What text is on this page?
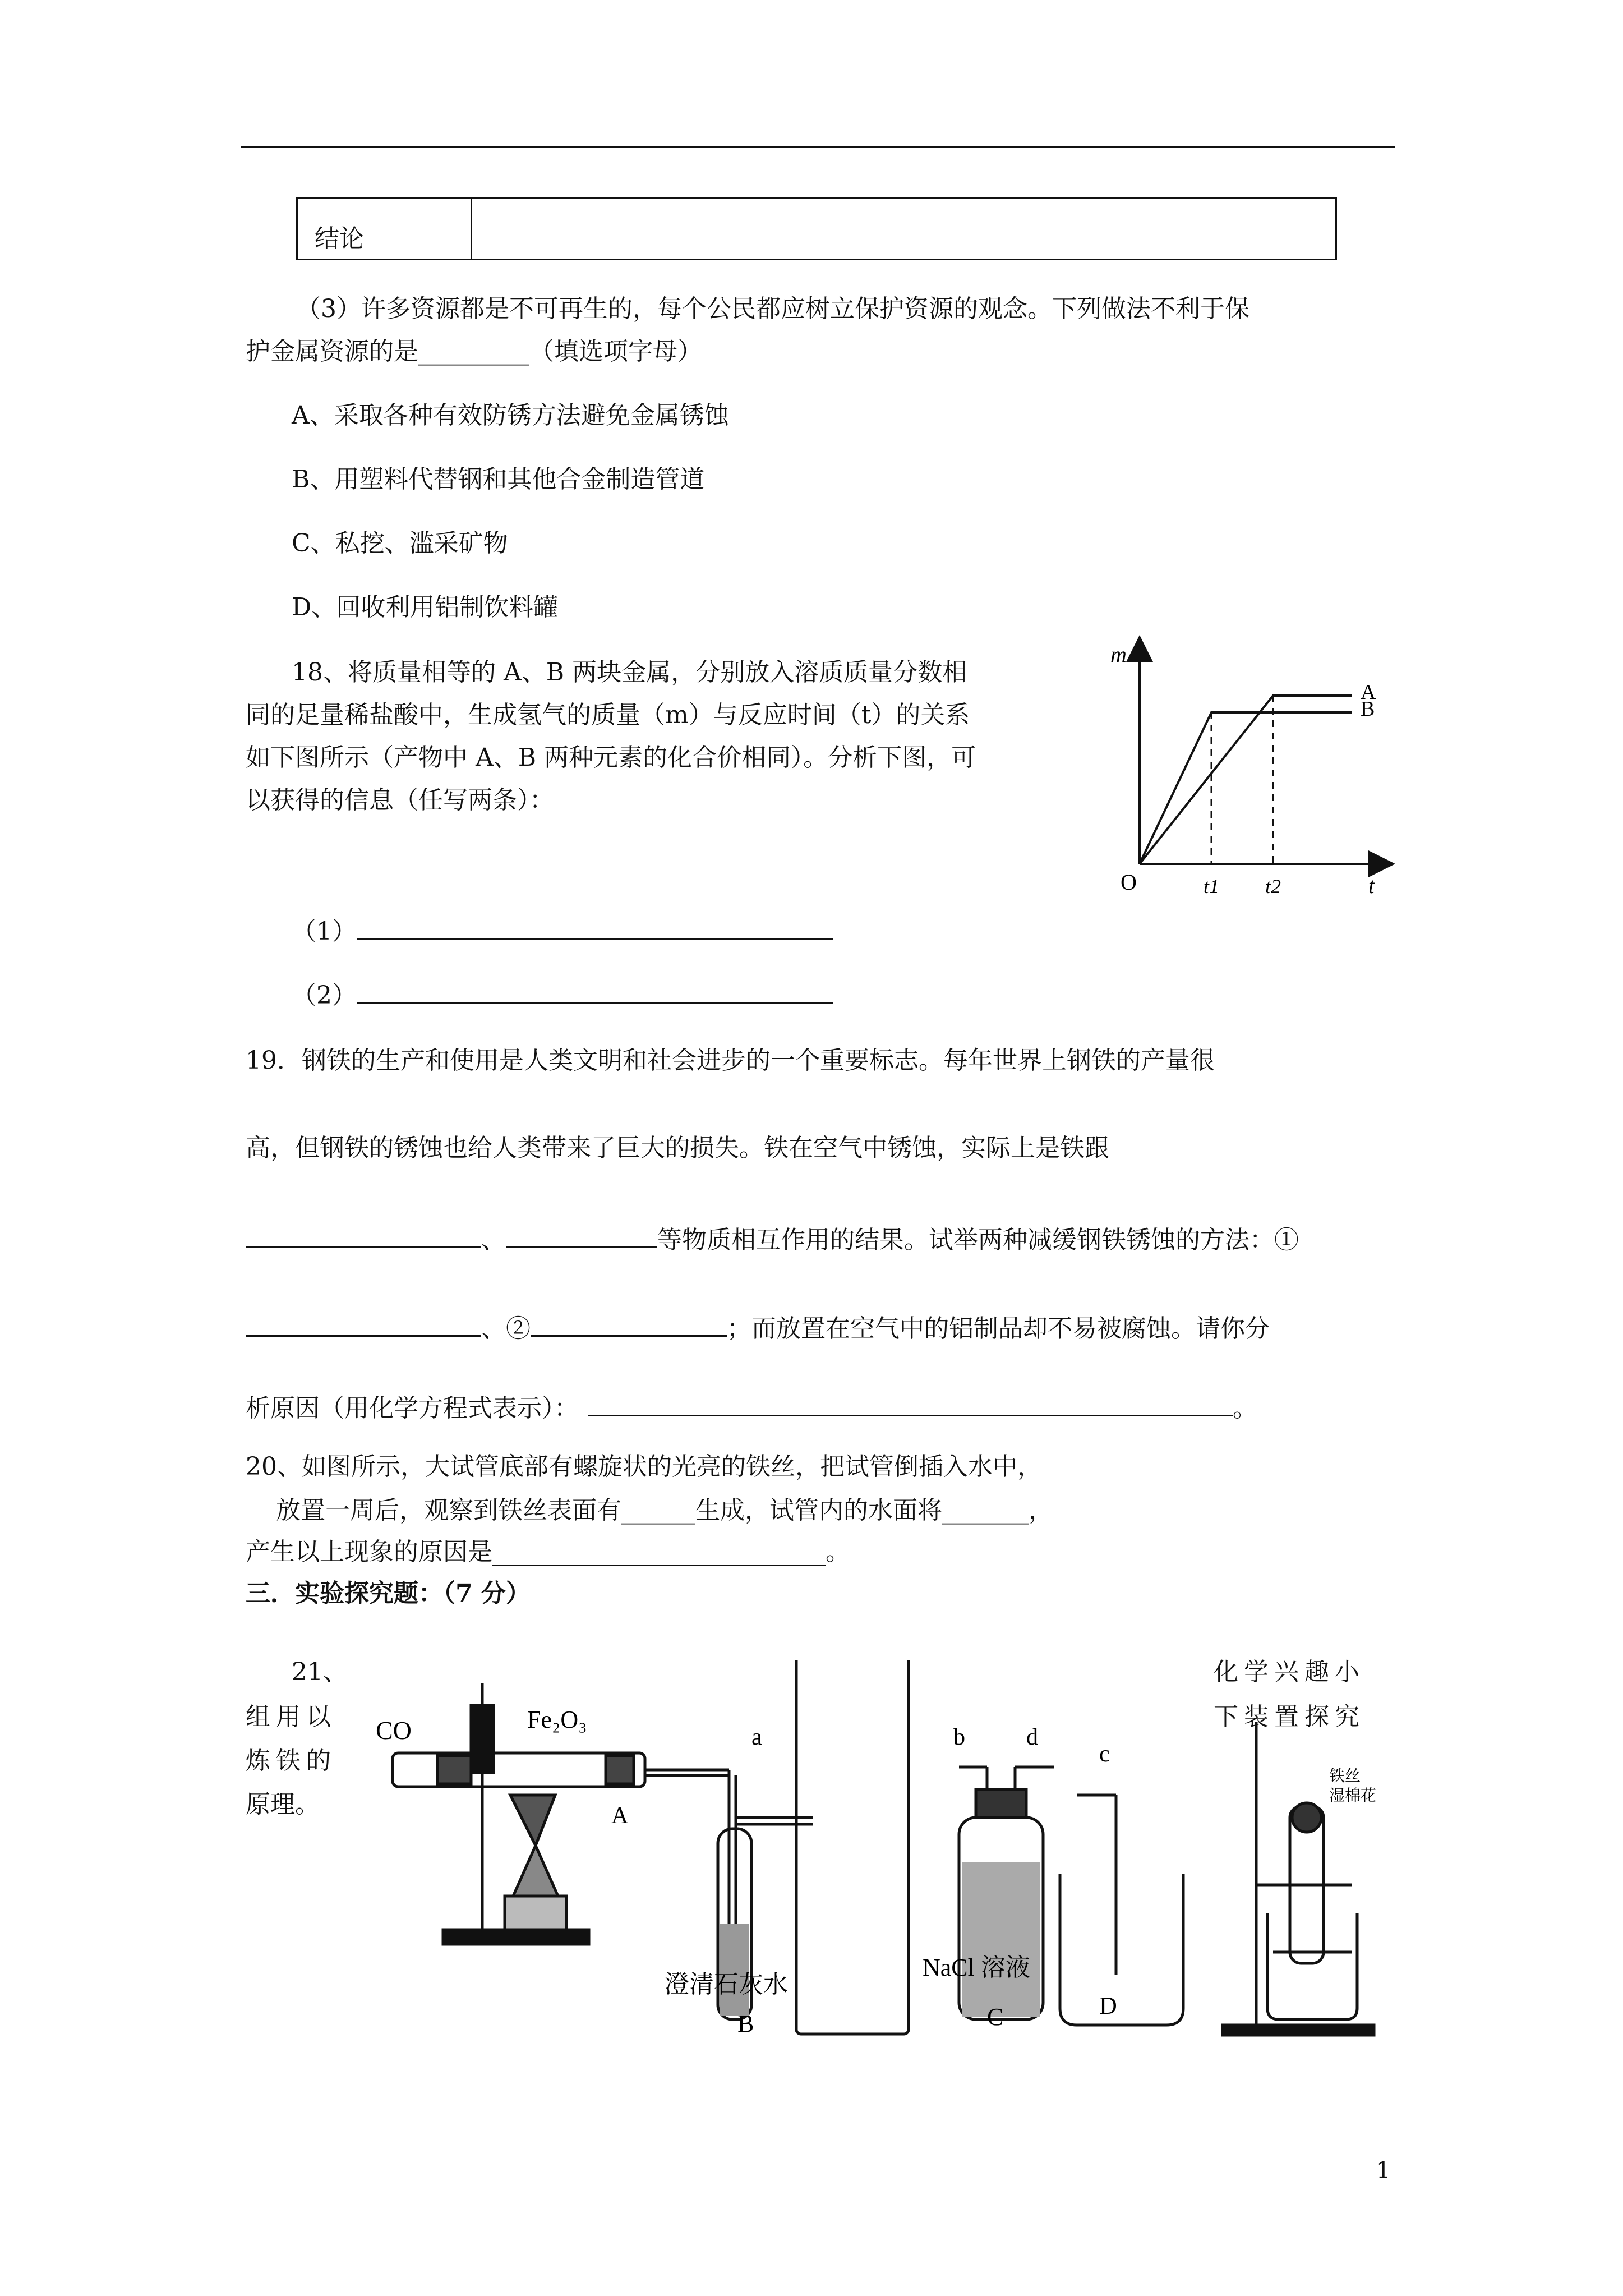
结论
（3）许多资源都是不可再生的，每个公民都应树立保护资源的观念。下列做法不利于保
护金属资源的是_________（填选项字母）
A、采取各种有效防锈方法避免金属锈蚀
B、用塑料代替钢和其他合金制造管道
C、私挖、滥采矿物
D、回收利用铝制饮料罐
18、将质量相等的 A、B 两块金属，分别放入溶质质量分数相
同的足量稀盐酸中，生成氢气的质量（m）与反应时间（t）的关系
如下图所示（产物中 A、B 两种元素的化合价相同）。分析下图，可
以获得的信息（任写两条）：
m
t
O	t1 t2
A
B
（1）
（2）
19．钢铁的生产和使用是人类文明和社会进步的一个重要标志。每年世界上钢铁的产量很
高，但钢铁的锈蚀也给人类带来了巨大的损失。铁在空气中锈蚀，实际上是铁跟
、	等物质相互作用的结果。试举两种减缓钢铁锈蚀的方法：①
、②	；而放置在空气中的铝制品却不易被腐蚀。请你分
析原因（用化学方程式表示）：	。
20、如图所示，大试管底部有螺旋状的光亮的铁丝，把试管倒插入水中，
放置一周后，观察到铁丝表面有______生成，试管内的水面将_______，
产生以上现象的原因是___________________________。
三．实验探究题：（7 分）
21、
组用以
炼铁的
原理。
化学兴趣小
下装置探究
CO	Fe₂O₃
A
a	b	d
c
澄清石灰水
B
NaCl 溶液
C	D
铁丝
湿棉花
1
